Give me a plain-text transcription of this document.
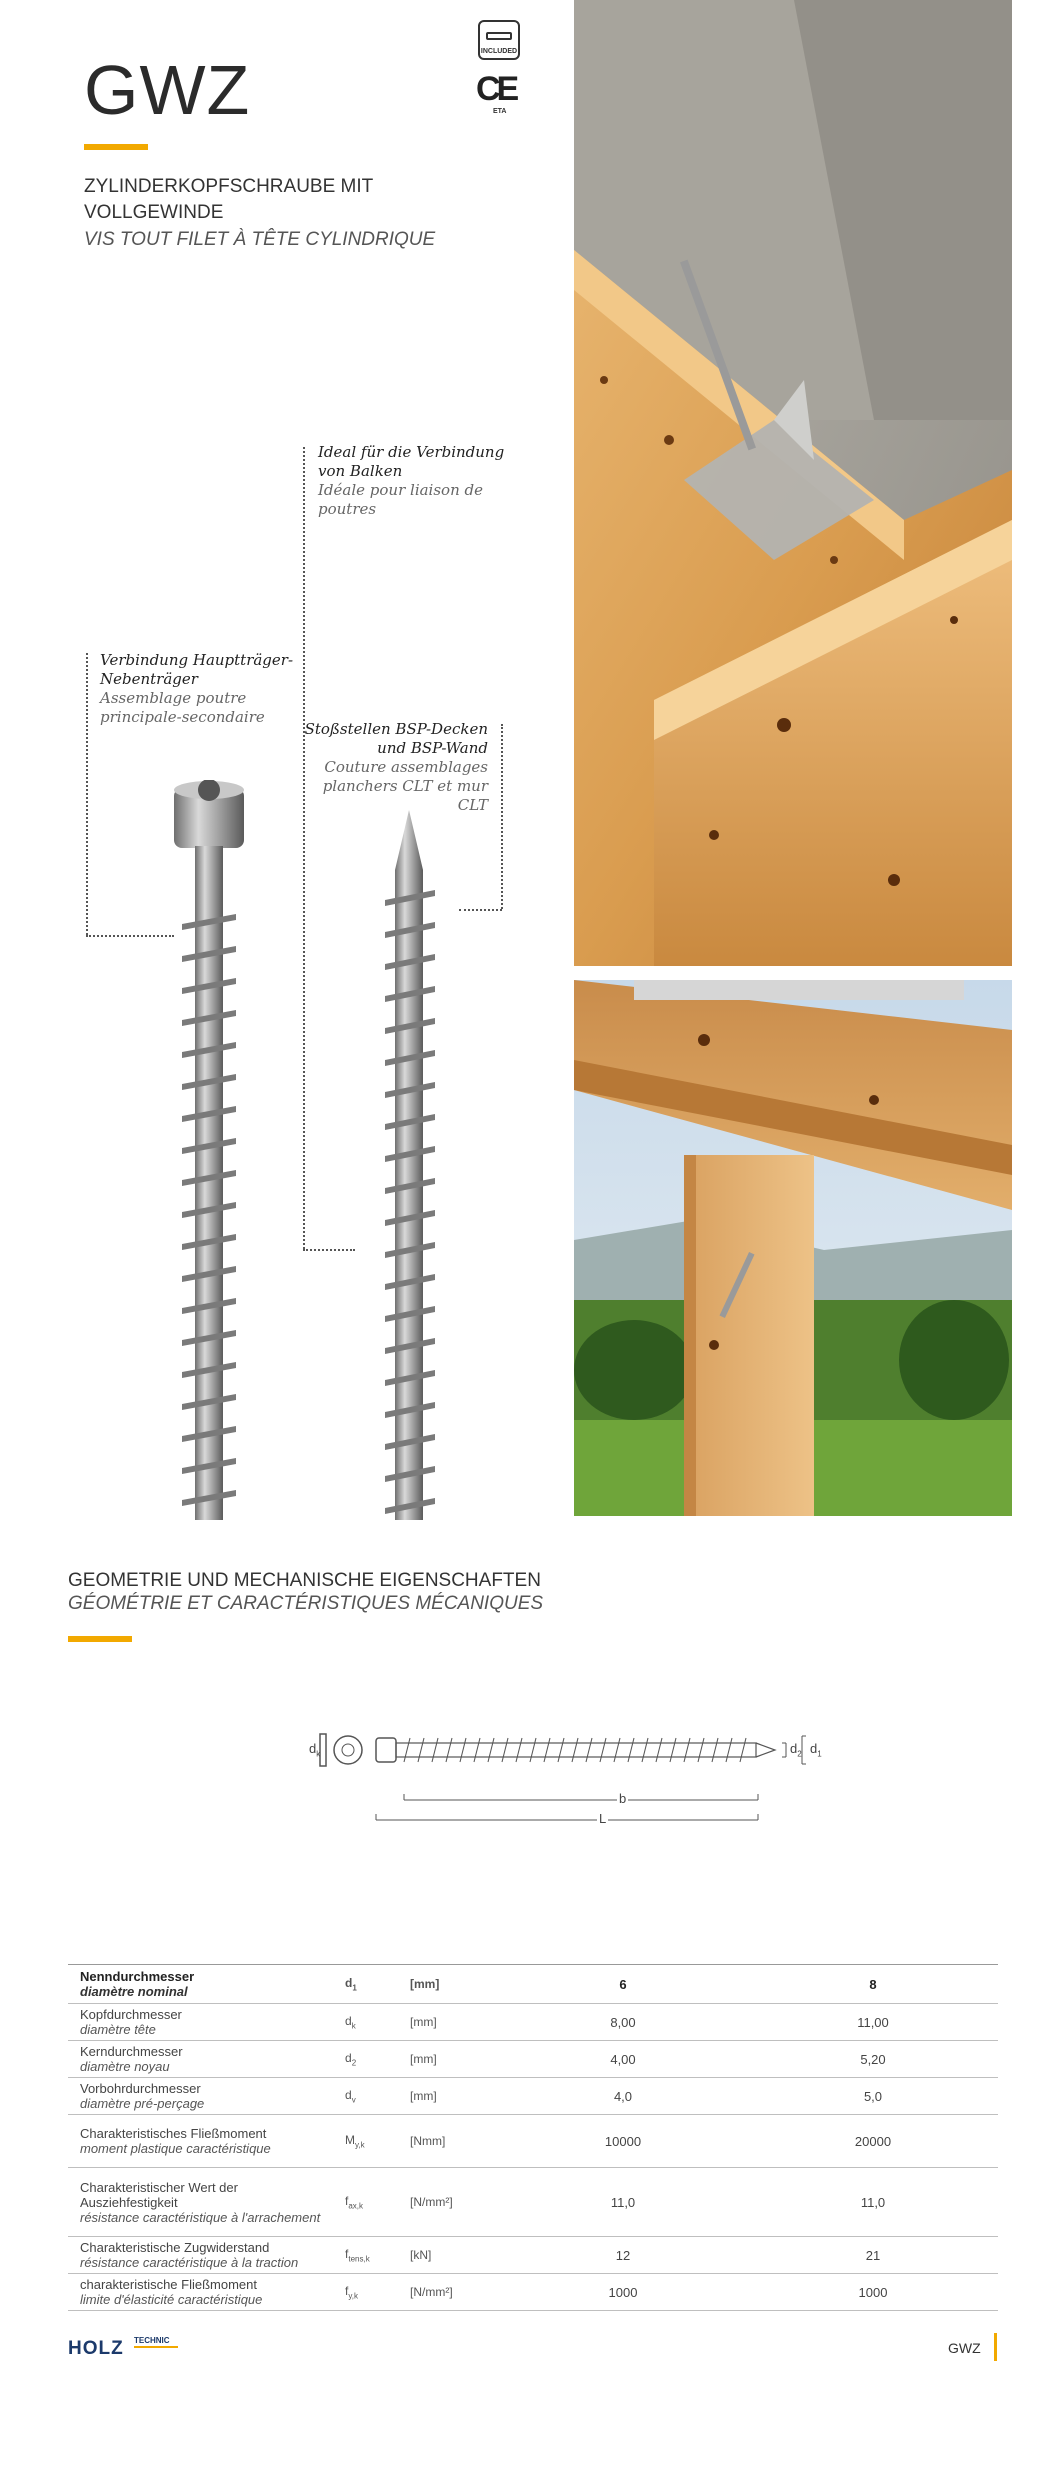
GWZ
ZYLINDERKOPFSCHRAUBE MIT VOLLGEWINDE
VIS TOUT FILET À TÊTE CYLINDRIQUE
INCLUDED
CE
ETA
Ideal für die Verbindung von Balken
Idéale pour liaison de poutres
Verbindung Hauptträger-Nebenträger
Assemblage poutre principale-secondaire
Stoßstellen BSP-Decken und BSP-Wand
Couture assemblages planchers CLT et mur CLT
GEOMETRIE UND MECHANISCHE EIGENSCHAFTEN
GÉOMÉTRIE ET CARACTÉRISTIQUES MÉCANIQUES
$d_k$	$d_2$ $d_1$
b
L
Nenndurchmesser
diamètre nominal	$d_1$	[mm]	6	8

Kopfdurchmesser
diamètre tête	$d_k$	[mm]	8,00	11,00

Kerndurchmesser
diamètre noyau	$d_2$	[mm]	4,00	5,20

Vorbohrdurchmesser
diamètre pré-perçage	$d_v$	[mm]	4,0	5,0

Charakteristisches Fließmoment
moment plastique caractéristique	$M_{y,k}$	[Nmm]	10000	20000

Charakteristischer Wert der Ausziehfestigkeit
résistance caractéristique à l'arrachement	$f_{ax,k}$	[N/mm²]	11,0	11,0

Charakteristische Zugwiderstand
résistance caractéristique à la traction	$f_{tens,k}$	[kN]	12	21

charakteristische Fließmoment
limite d'élasticité caractéristique	$f_{y,k}$	[N/mm²]	1000	1000
HOLZ TECHNIC	GWZ
